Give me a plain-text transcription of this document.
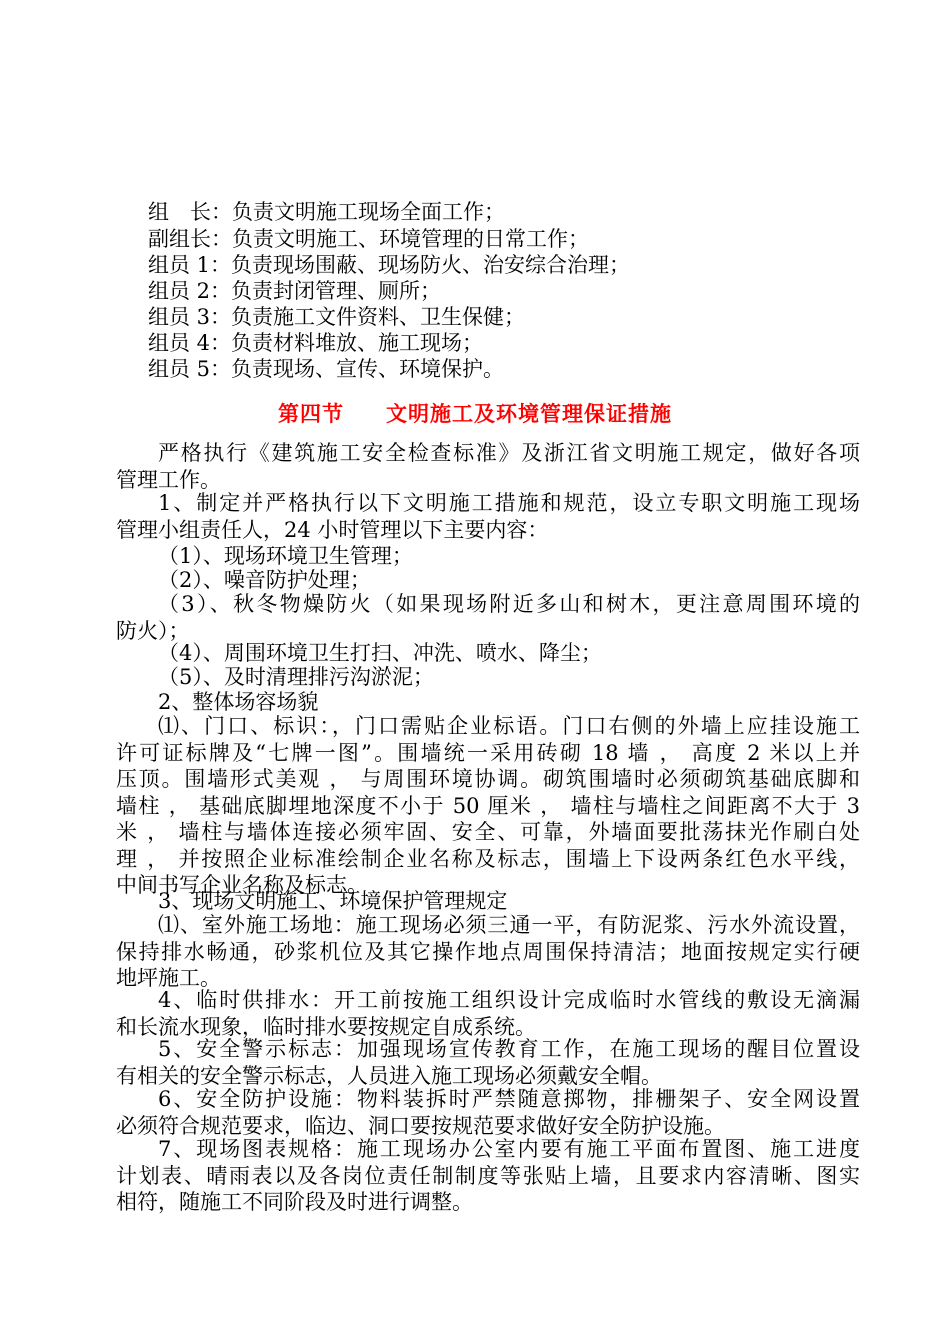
组　长：负责文明施工现场全面工作；
副组长：负责文明施工、环境管理的日常工作；
组员 1：负责现场围蔽、现场防火、治安综合治理；
组员 2：负责封闭管理、厕所；
组员 3：负责施工文件资料、卫生保健；
组员 4：负责材料堆放、施工现场；
组员 5：负责现场、宣传、环境保护。
第四节 文明施工及环境管理保证措施
严格执行《建筑施工安全检查标准》及浙江省文明施工规定，做好各项
管理工作。
1、制定并严格执行以下文明施工措施和规范，设立专职文明施工现场
管理小组责任人，24 小时管理以下主要内容：
（1）、现场环境卫生管理；
（2）、噪音防护处理；
（3）、秋冬物燥防火（如果现场附近多山和树木，更注意周围环境的
防火）；
（4）、周围环境卫生打扫、冲洗、喷水、降尘；
（5）、及时清理排污沟淤泥；
2、整体场容场貌
⑴、门口、标识：，门口需贴企业标语。门口右侧的外墙上应挂设施工
许可证标牌及“七牌一图”。围墙统一采用砖砌 18 墙 ， 高度 2 米以上并
压顶。围墙形式美观 ， 与周围环境协调。砌筑围墙时必须砌筑基础底脚和
墙柱 ， 基础底脚埋地深度不小于 50 厘米 ， 墙柱与墙柱之间距离不大于 3
米 ， 墙柱与墙体连接必须牢固、安全、可靠，外墙面要批荡抹光作刷白处
理 ， 并按照企业标准绘制企业名称及标志，围墙上下设两条红色水平线，
中间书写企业名称及标志。
3、现场文明施工、环境保护管理规定
⑴、室外施工场地：施工现场必须三通一平，有防泥浆、污水外流设置，
保持排水畅通，砂浆机位及其它操作地点周围保持清洁；地面按规定实行硬
地坪施工。
4、临时供排水：开工前按施工组织设计完成临时水管线的敷设无滴漏
和长流水现象，临时排水要按规定自成系统。
5、安全警示标志：加强现场宣传教育工作，在施工现场的醒目位置设
有相关的安全警示标志，人员进入施工现场必须戴安全帽。
6、安全防护设施：物料装拆时严禁随意掷物，排栅架子、安全网设置
必须符合规范要求，临边、洞口要按规范要求做好安全防护设施。
7、现场图表规格：施工现场办公室内要有施工平面布置图、施工进度
计划表、晴雨表以及各岗位责任制制度等张贴上墙，且要求内容清晰、图实
相符，随施工不同阶段及时进行调整。
